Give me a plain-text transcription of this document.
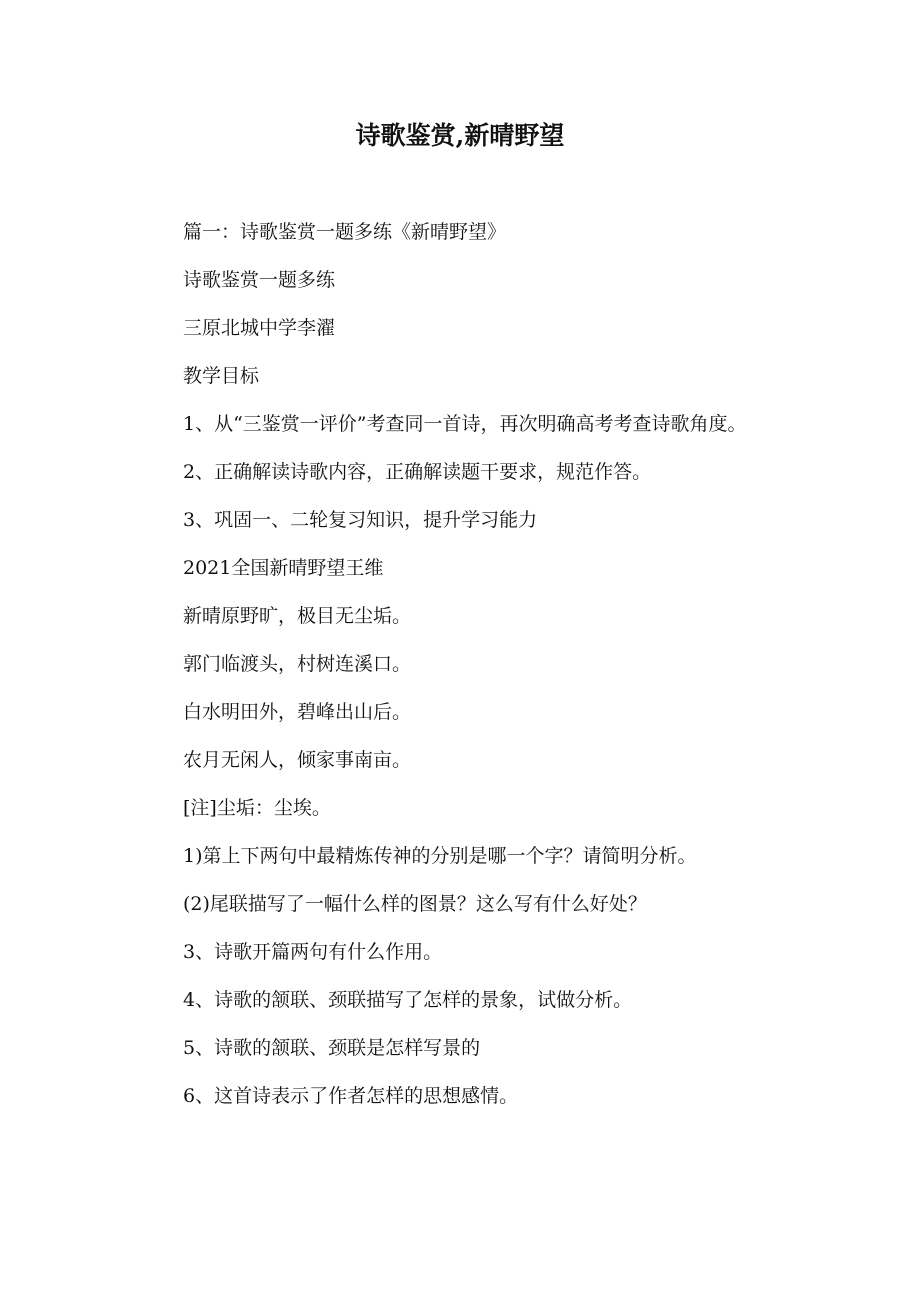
诗歌鉴赏,新晴野望

篇一：诗歌鉴赏一题多练《新晴野望》

诗歌鉴赏一题多练

三原北城中学李濯

教学目标

1、从“三鉴赏一评价”考查同一首诗，再次明确高考考查诗歌角度。

2、正确解读诗歌内容，正确解读题干要求，规范作答。

3、巩固一、二轮复习知识，提升学习能力

2021全国新晴野望王维

新晴原野旷，极目无尘垢。

郭门临渡头，村树连溪口。

白水明田外，碧峰出山后。

农月无闲人，倾家事南亩。

[注]尘垢：尘埃。

1)第上下两句中最精炼传神的分别是哪一个字？请简明分析。

(2)尾联描写了一幅什么样的图景？这么写有什么好处？

3、诗歌开篇两句有什么作用。

4、诗歌的颔联、颈联描写了怎样的景象，试做分析。

5、诗歌的颔联、颈联是怎样写景的

6、这首诗表示了作者怎样的思想感情。
